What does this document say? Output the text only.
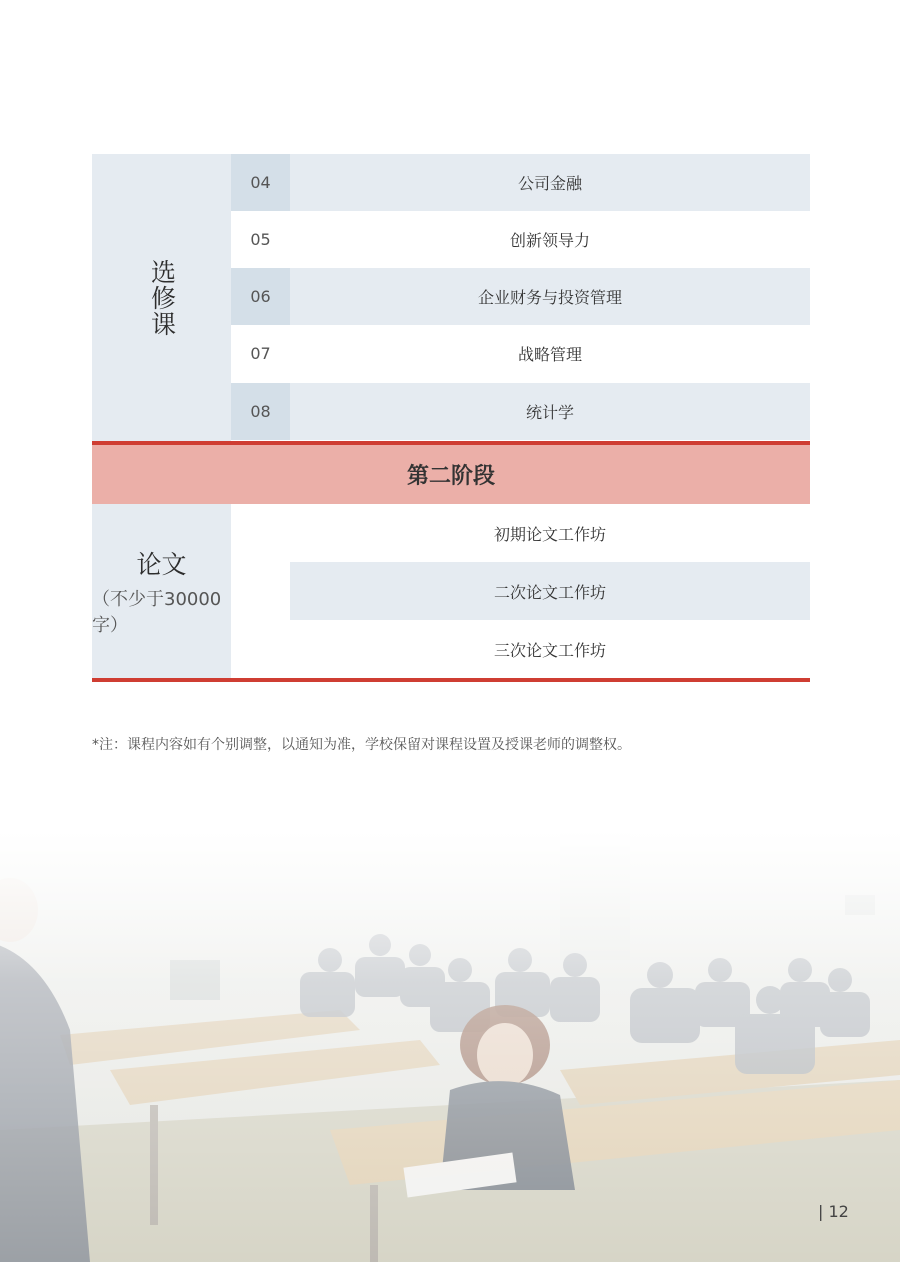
选修课
04	公司金融
05	创新领导力
06	企业财务与投资管理
07	战略管理
08	统计学
第二阶段
论文
（不少于30000字）
初期论文工作坊
二次论文工作坊
三次论文工作坊
*注：课程内容如有个别调整，以通知为准，学校保留对课程设置及授课老师的调整权。
| 12
